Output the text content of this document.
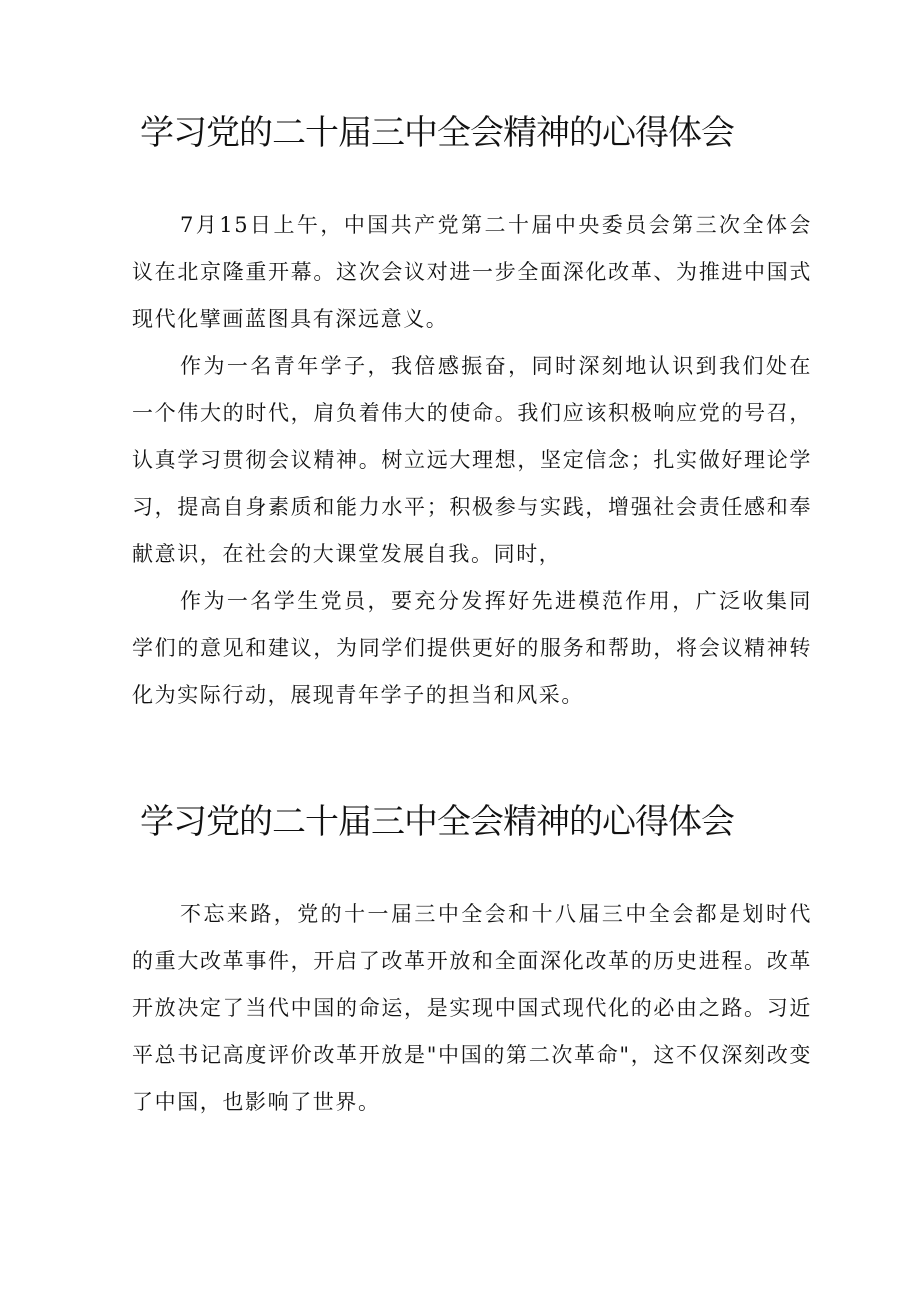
学习党的二十届三中全会精神的心得体会

7月15日上午，中国共产党第二十届中央委员会第三次全体会议在北京隆重开幕。这次会议对进一步全面深化改革、为推进中国式现代化擘画蓝图具有深远意义。

作为一名青年学子，我倍感振奋，同时深刻地认识到我们处在一个伟大的时代，肩负着伟大的使命。我们应该积极响应党的号召，认真学习贯彻会议精神。树立远大理想，坚定信念；扎实做好理论学习，提高自身素质和能力水平；积极参与实践，增强社会责任感和奉献意识，在社会的大课堂发展自我。同时，

作为一名学生党员，要充分发挥好先进模范作用，广泛收集同学们的意见和建议，为同学们提供更好的服务和帮助，将会议精神转化为实际行动，展现青年学子的担当和风采。

学习党的二十届三中全会精神的心得体会

不忘来路，党的十一届三中全会和十八届三中全会都是划时代的重大改革事件，开启了改革开放和全面深化改革的历史进程。改革开放决定了当代中国的命运，是实现中国式现代化的必由之路。习近平总书记高度评价改革开放是"中国的第二次革命"，这不仅深刻改变了中国，也影响了世界。
